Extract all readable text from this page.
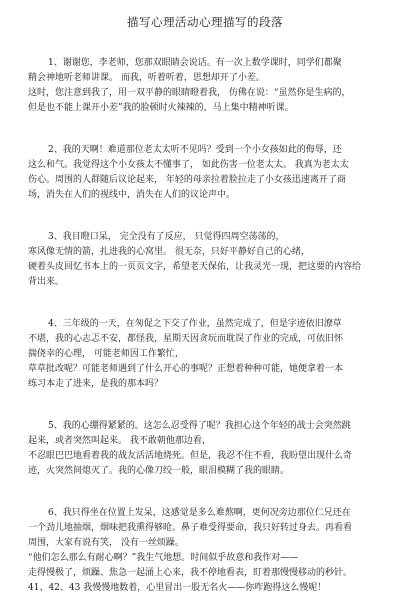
描写心理活动心理描写的段落
1、谢谢您，李老师，您那双眼睛会说话。有一次上数学课时，同学们都聚
精会神地听老师讲课。 而我，听着听着，思想却开了小差。
这时，您注意到我了，用一双平静的眼睛瞪着我， 仿佛在说：“虽然你是生病的，
但是也不能上课开小差”我的脸顿时火辣辣的，马上集中精神听课。
2、我的天啊！难道那位老太太听不见吗？受到一个小女孩如此的侮辱，还
这么和气。我觉得这个小女孩太不懂事了， 如此伤害一位老太太。 我真为老太太
伤心。周围的人群随后议论起来， 年轻的母亲拉着脸拉走了小女孩迅速离开了商
场，消失在人们的视线中，消失在人们的议论声中。
3、我目瞪口呆， 完全没有了反应， 只觉得四周空荡荡的，
寒风像无情的箭，扎进我的心窝里。 很无奈，只好平静好自己的心绪，
硬着头皮回忆书本上的一页页文字，希望老天保佑，让我灵光一现，把这要的内容给
背出来。
4、三年级的一天，在匆促之下交了作业，虽然完成了，但是字迹依旧潦草
不堪，我的心志忑不安，都怪我，星期天因贪玩而耽误了作业的完成，可依旧怀
揣侥幸的心理， 可能老师因工作繁忙，
草草批改呢？可能老师遇到了什么开心的事呢？正想着种种可能，她便拿着一本
练习本走了进来，是我的那本吗？
5、我的心绷得紧紧的。这怎么忍受得了呢？我担心这个年轻的战士会突然跳
起来，或者突然叫起来。 我不敢朝他那边看，
不忍眼巴巴地看着我的战友活活地烧死。但是，我忍不住不看，我盼望出现什么奇
迹，火突然间熄灭了。我的心像刀绞一般，眼泪模糊了我的眼睛。
6、我只得坐在位置上发呆，这感觉是多么难熬啊，更何况旁边那位仁兄还在
一个劲儿地抽烟，烟味把我熏得够呛。鼻子难受得要命，我只好转过身去。再看看
周围，大家有说有笑， 没有一丝烦躁。
“他们怎么那么有耐心啊？”我生气地想。时间似乎故意和我作对——
走得慢极了，烦躁、焦急一起涌上心来，我不停地看表，盯着那慢慢移动的秒针。
41、42、43 我慢慢地数着，心里冒出一股无名火——你咋跑得这么慢呢！
